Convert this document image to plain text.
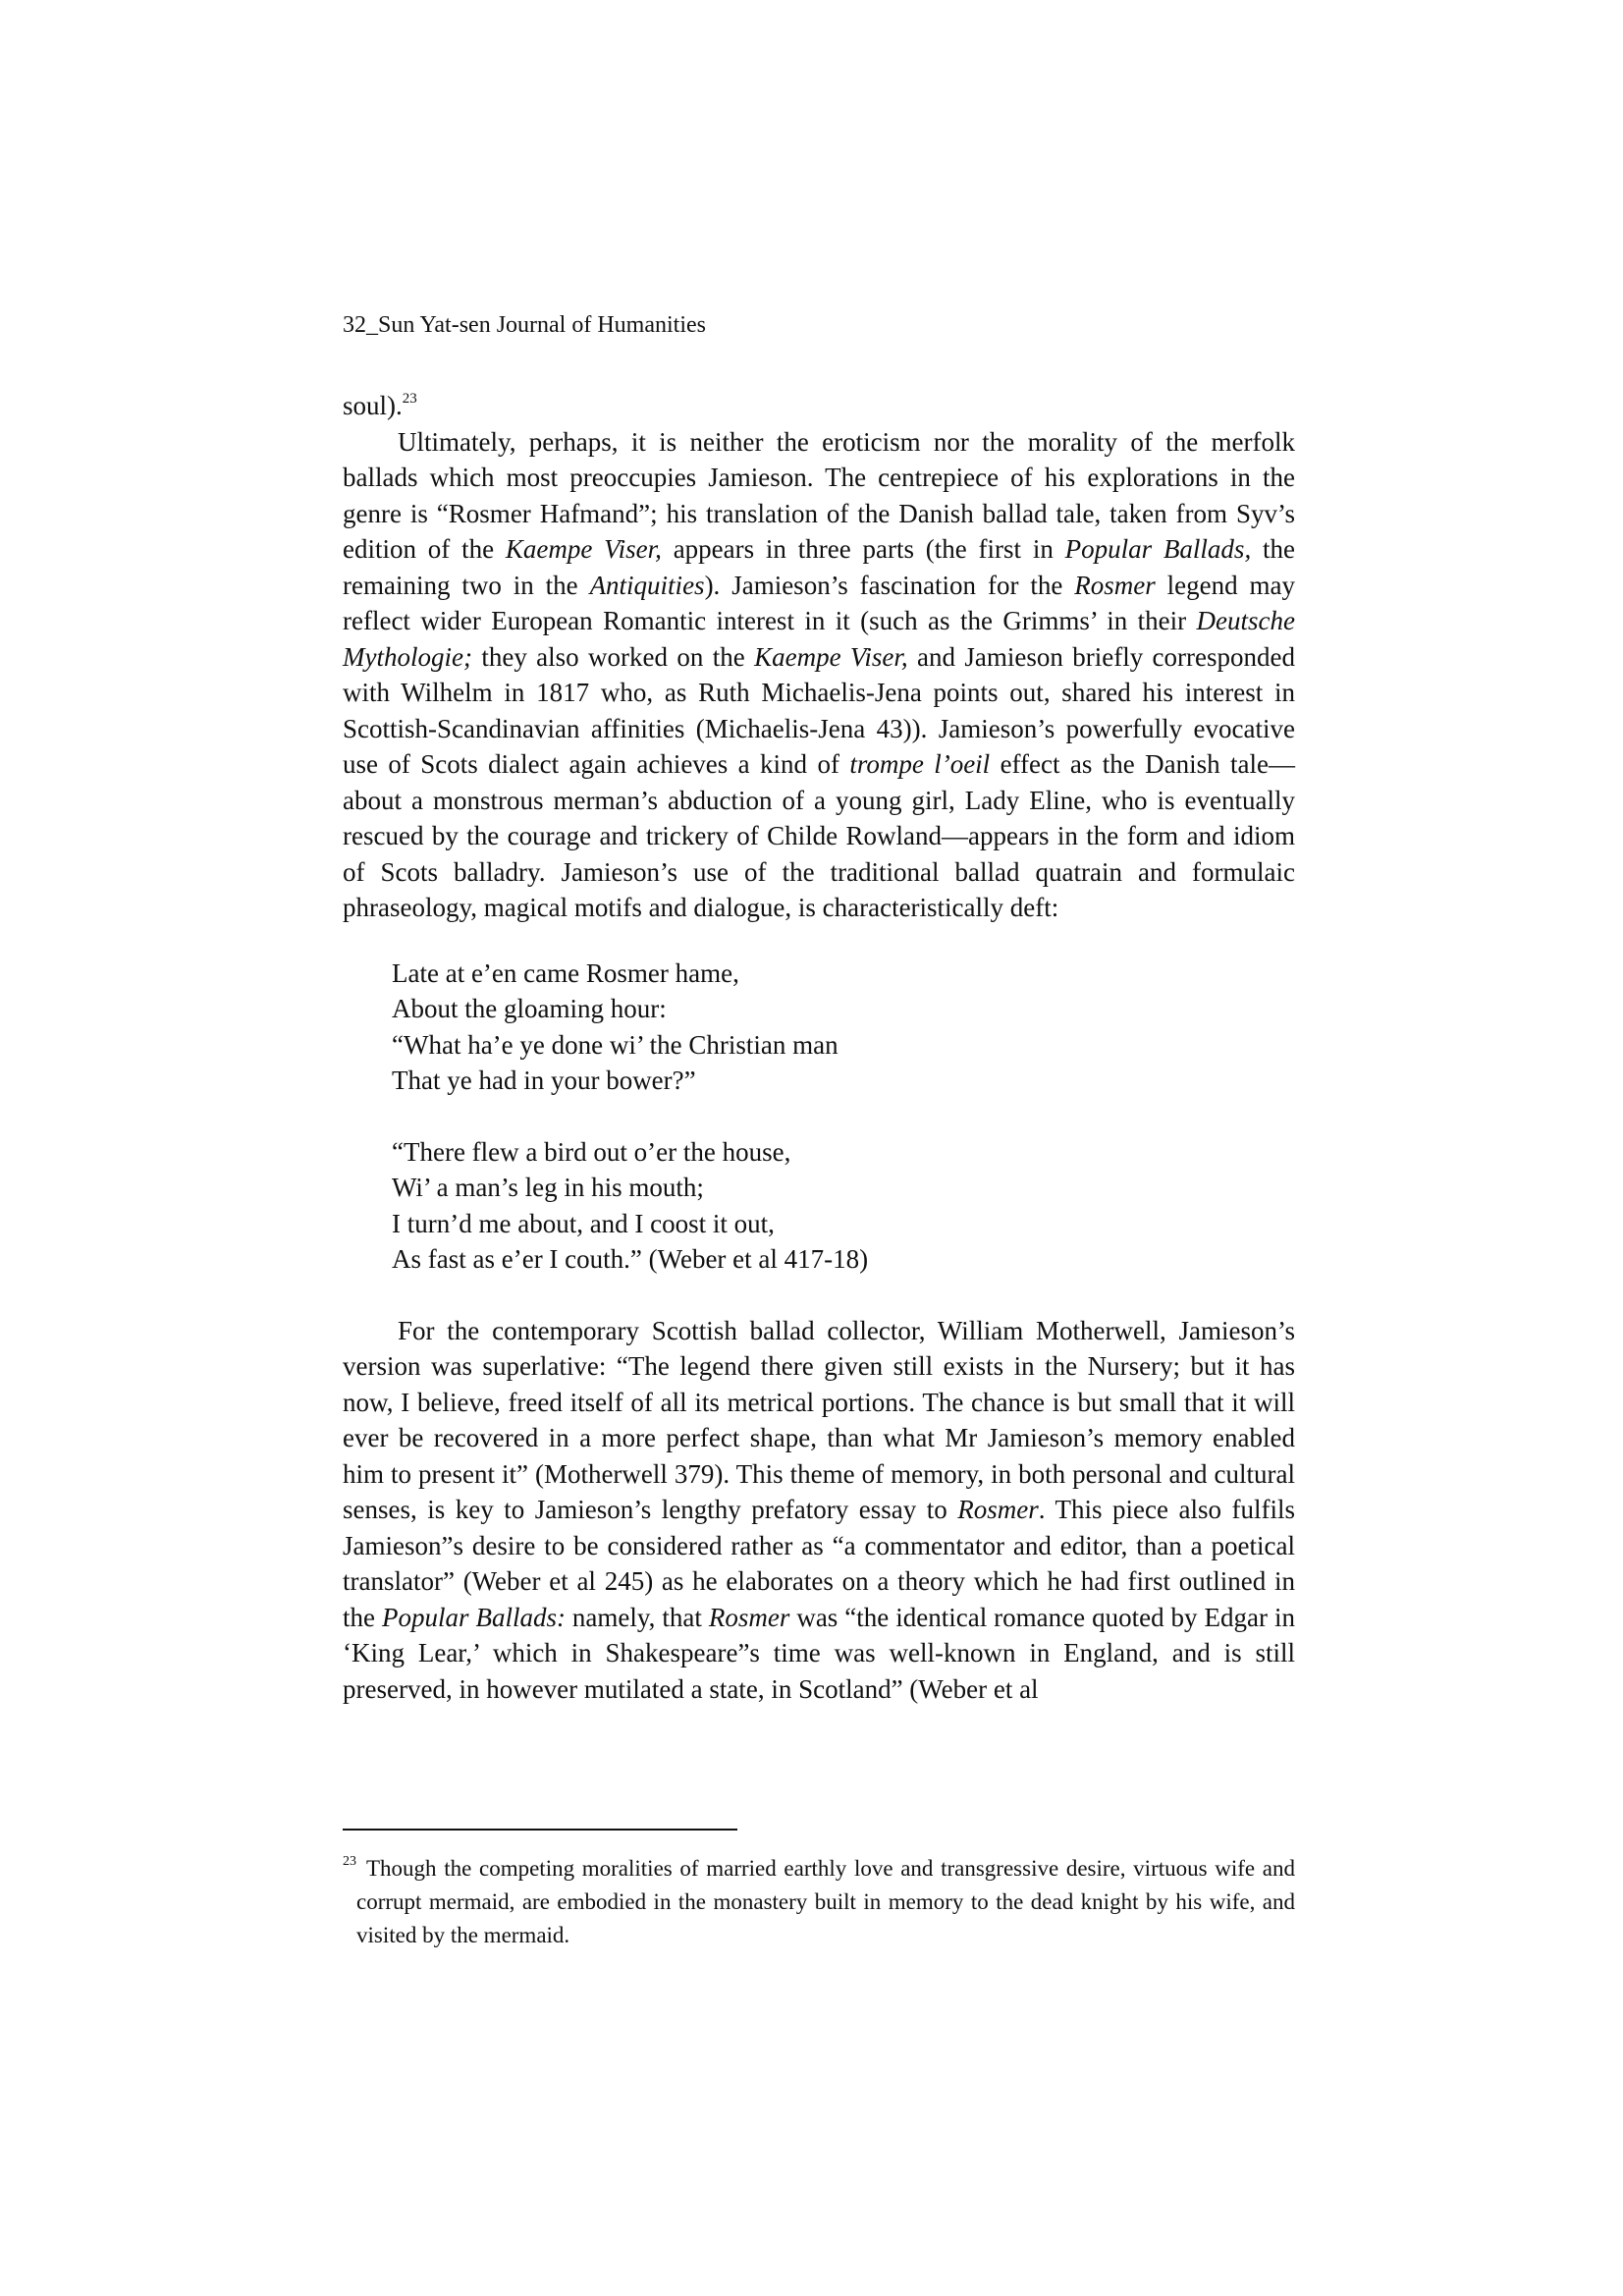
32_Sun Yat-sen Journal of Humanities

soul).$^{23}$

Ultimately, perhaps, it is neither the eroticism nor the morality of the merfolk ballads which most preoccupies Jamieson. The centrepiece of his explorations in the genre is “Rosmer Hafmand”; his translation of the Danish ballad tale, taken from Syv’s edition of the Kaempe Viser, appears in three parts (the first in Popular Ballads, the remaining two in the Antiquities). Jamieson’s fascination for the Rosmer legend may reflect wider European Romantic interest in it (such as the Grimms’ in their Deutsche Mythologie; they also worked on the Kaempe Viser, and Jamieson briefly corresponded with Wilhelm in 1817 who, as Ruth Michaelis-Jena points out, shared his interest in Scottish-Scandinavian affinities (Michaelis-Jena 43)). Jamieson’s powerfully evocative use of Scots dialect again achieves a kind of trompe l’oeil effect as the Danish tale—about a monstrous merman’s abduction of a young girl, Lady Eline, who is eventually rescued by the courage and trickery of Childe Rowland—appears in the form and idiom of Scots balladry. Jamieson’s use of the traditional ballad quatrain and formulaic phraseology, magical motifs and dialogue, is characteristically deft:

Late at e’en came Rosmer hame,
About the gloaming hour:
“What ha’e ye done wi’ the Christian man
That ye had in your bower?”
“There flew a bird out o’er the house,
Wi’ a man’s leg in his mouth;
I turn’d me about, and I coost it out,
As fast as e’er I couth.” (Weber et al 417-18)

For the contemporary Scottish ballad collector, William Motherwell, Jamieson’s version was superlative: “The legend there given still exists in the Nursery; but it has now, I believe, freed itself of all its metrical portions. The chance is but small that it will ever be recovered in a more perfect shape, than what Mr Jamieson’s memory enabled him to present it” (Motherwell 379). This theme of memory, in both personal and cultural senses, is key to Jamieson’s lengthy prefatory essay to Rosmer. This piece also fulfils Jamieson”s desire to be considered rather as “a commentator and editor, than a poetical translator” (Weber et al 245) as he elaborates on a theory which he had first outlined in the Popular Ballads: namely, that Rosmer was “the identical romance quoted by Edgar in ‘King Lear,’ which in Shakespeare”s time was well-known in England, and is still preserved, in however mutilated a state, in Scotland” (Weber et al

$^{23}$ Though the competing moralities of married earthly love and transgressive desire, virtuous wife and corrupt mermaid, are embodied in the monastery built in memory to the dead knight by his wife, and visited by the mermaid.
